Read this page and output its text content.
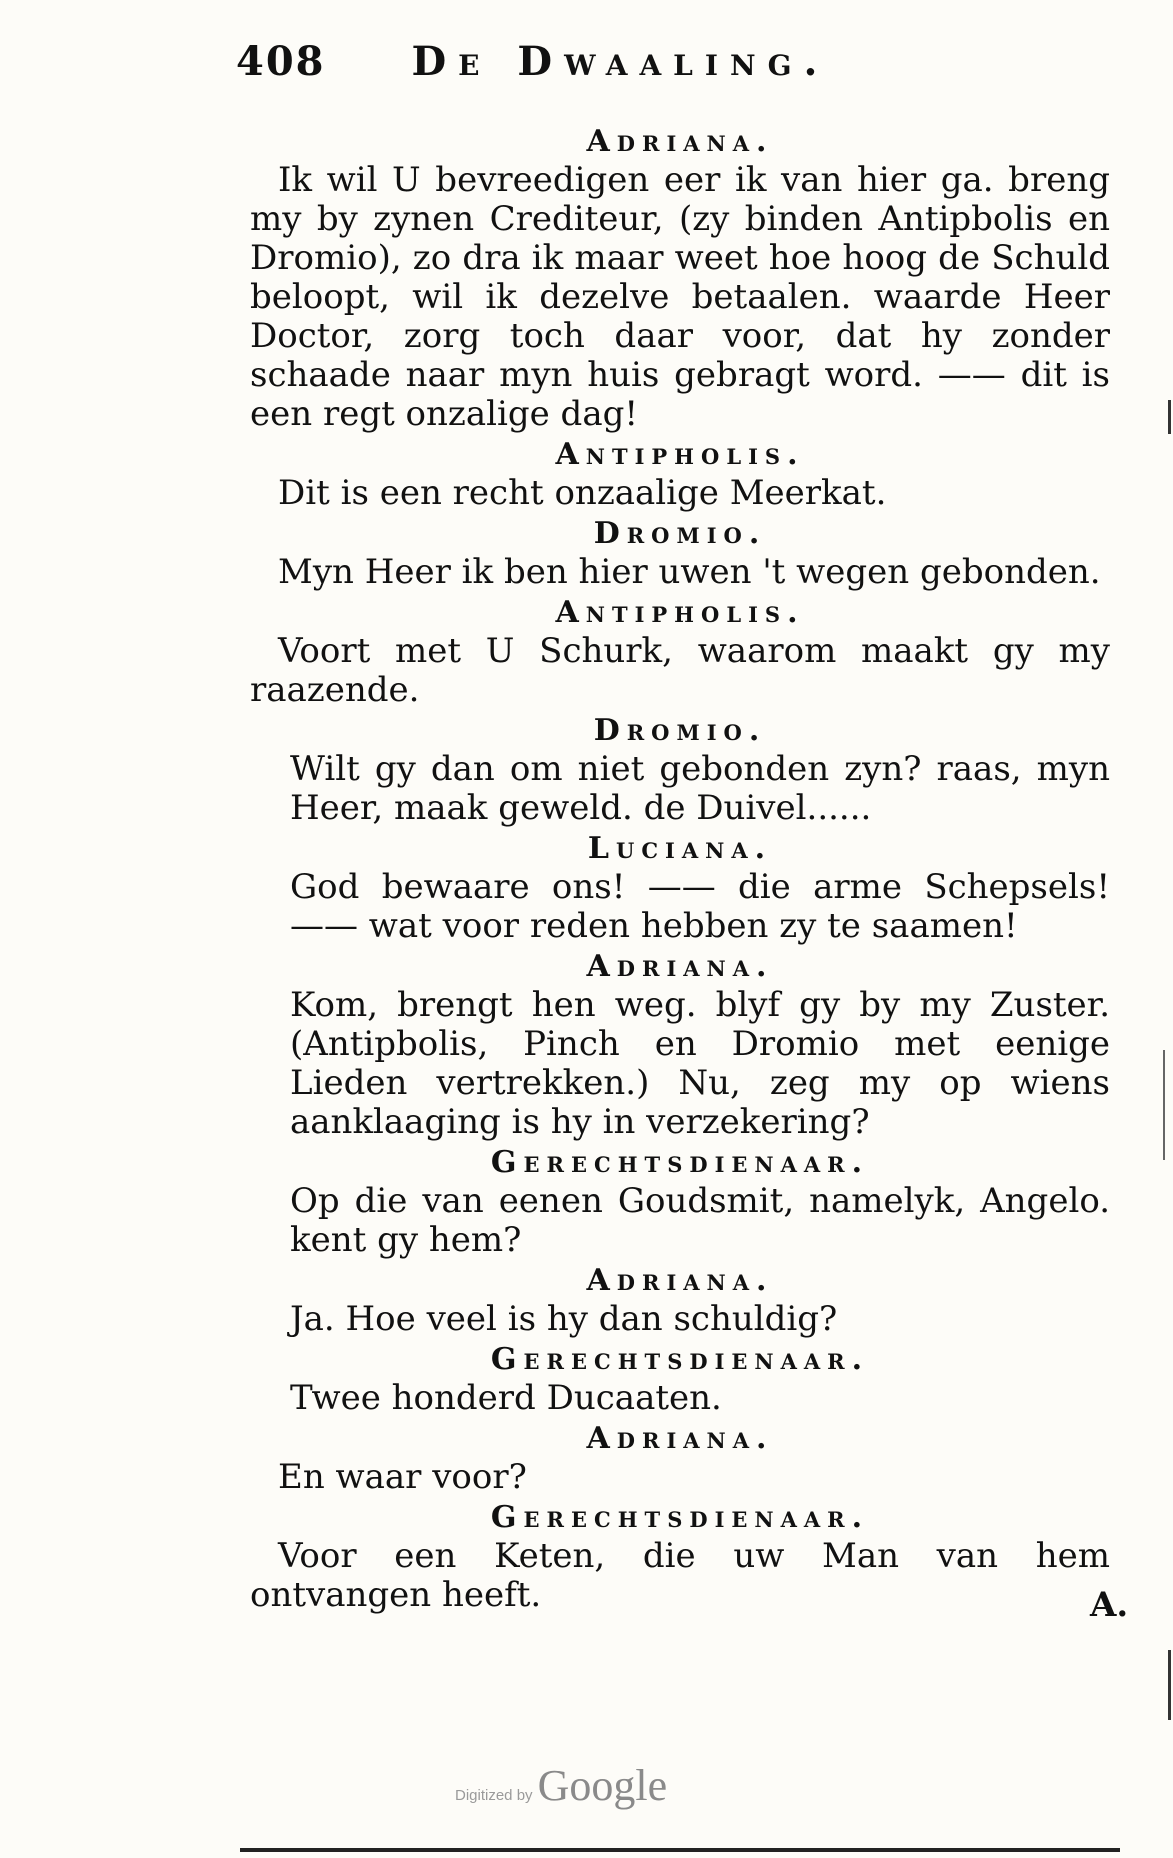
408 De Dwaaling.
Adriana.
Ik wil U bevreedigen eer ik van hier ga. breng my by zynen Crediteur, (zy binden Antipbolis en Dromio), zo dra ik maar weet hoe hoog de Schuld beloopt, wil ik dezelve betaalen. waarde Heer Doctor, zorg toch daar voor, dat hy zonder schaade naar myn huis gebragt word. —— dit is een regt onzalige dag!
Antipholis.
Dit is een recht onzaalige Meerkat.
Dromio.
Myn Heer ik ben hier uwen 't wegen gebonden.
Antipholis.
Voort met U Schurk, waarom maakt gy my raazende.
Dromio.
Wilt gy dan om niet gebonden zyn? raas, myn Heer, maak geweld. de Duivel......
Luciana.
God bewaare ons! —— die arme Schepsels! —— wat voor reden hebben zy te saamen!
Adriana.
Kom, brengt hen weg. blyf gy by my Zuster. (Antipbolis, Pinch en Dromio met eenige Lieden vertrekken.) Nu, zeg my op wiens aanklaaging is hy in verzekering?
Gerechtsdienaar.
Op die van eenen Goudsmit, namelyk, Angelo. kent gy hem?
Adriana.
Ja. Hoe veel is hy dan schuldig?
Gerechtsdienaar.
Twee honderd Ducaaten.
Adriana.
En waar voor?
Gerechtsdienaar.
Voor een Keten, die uw Man van hem ontvangen heeft.	A.
Digitized by Google
